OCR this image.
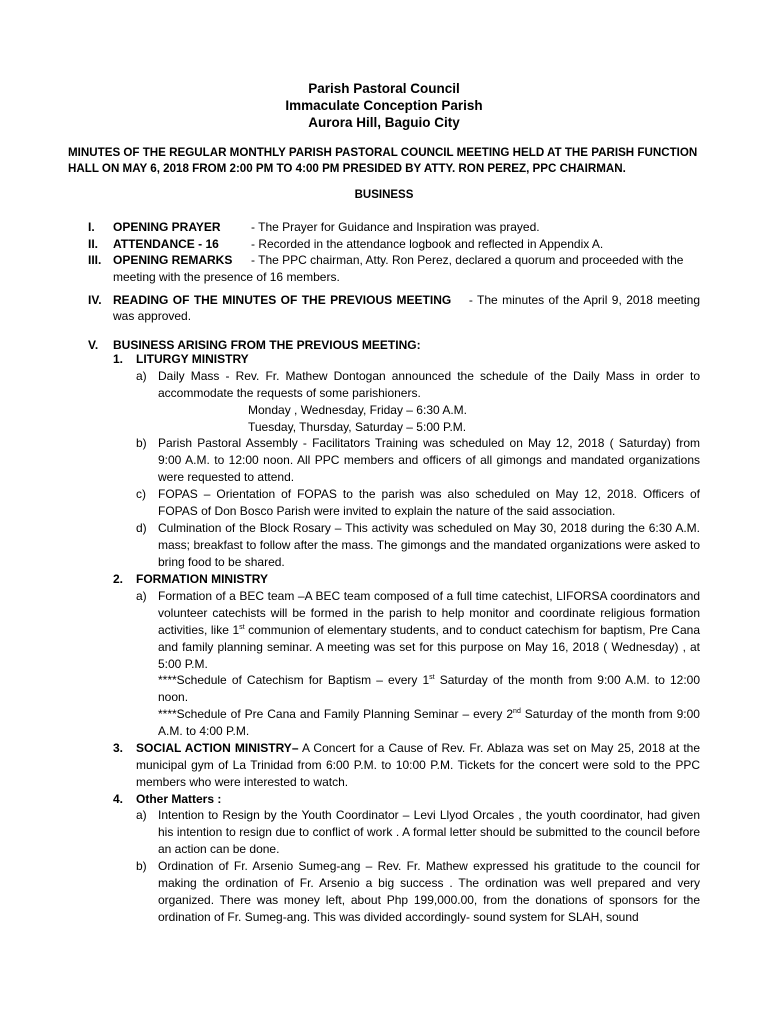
Parish Pastoral Council
Immaculate Conception Parish
Aurora Hill, Baguio City
MINUTES OF THE REGULAR MONTHLY PARISH PASTORAL COUNCIL MEETING HELD AT THE PARISH FUNCTION HALL ON MAY 6, 2018 FROM 2:00 PM TO 4:00 PM PRESIDED BY ATTY. RON PEREZ, PPC CHAIRMAN.
BUSINESS
I. OPENING PRAYER	- The Prayer for Guidance and Inspiration was prayed.
II. ATTENDANCE - 16	- Recorded in the attendance logbook and reflected in Appendix A.
III. OPENING REMARKS - The PPC chairman, Atty. Ron Perez, declared a quorum and proceeded with the
meeting with the presence of 16 members.
IV. READING OF THE MINUTES OF THE PREVIOUS MEETING - The minutes of the April 9, 2018 meeting was approved.
V. BUSINESS ARISING FROM THE PREVIOUS MEETING:
1. LITURGY MINISTRY
a) Daily Mass - Rev. Fr. Mathew Dontogan announced the schedule of the Daily Mass in order to accommodate the requests of some parishioners.
Monday , Wednesday, Friday – 6:30 A.M.
Tuesday, Thursday, Saturday – 5:00 P.M.
b) Parish Pastoral Assembly - Facilitators Training was scheduled on May 12, 2018 ( Saturday) from 9:00 A.M. to 12:00 noon. All PPC members and officers of all gimongs and mandated organizations were requested to attend.
c) FOPAS – Orientation of FOPAS to the parish was also scheduled on May 12, 2018. Officers of FOPAS of Don Bosco Parish were invited to explain the nature of the said association.
d) Culmination of the Block Rosary – This activity was scheduled on May 30, 2018 during the 6:30 A.M. mass; breakfast to follow after the mass. The gimongs and the mandated organizations were asked to bring food to be shared.
2. FORMATION MINISTRY
a) Formation of a BEC team –A BEC team composed of a full time catechist, LIFORSA coordinators and volunteer catechists will be formed in the parish to help monitor and coordinate religious formation activities, like 1st communion of elementary students, and to conduct catechism for baptism, Pre Cana and family planning seminar. A meeting was set for this purpose on May 16, 2018 ( Wednesday) , at 5:00 P.M.
****Schedule of Catechism for Baptism – every 1st Saturday of the month from 9:00 A.M. to 12:00 noon.
****Schedule of Pre Cana and Family Planning Seminar – every 2nd Saturday of the month from 9:00 A.M. to 4:00 P.M.
3. SOCIAL ACTION MINISTRY– A Concert for a Cause of Rev. Fr. Ablaza was set on May 25, 2018 at the municipal gym of La Trinidad from 6:00 P.M. to 10:00 P.M. Tickets for the concert were sold to the PPC members who were interested to watch.
4. Other Matters :
a) Intention to Resign by the Youth Coordinator – Levi Llyod Orcales , the youth coordinator, had given his intention to resign due to conflict of work . A formal letter should be submitted to the council before an action can be done.
b) Ordination of Fr. Arsenio Sumeg-ang – Rev. Fr. Mathew expressed his gratitude to the council for making the ordination of Fr. Arsenio a big success . The ordination was well prepared and very organized. There was money left, about Php 199,000.00, from the donations of sponsors for the ordination of Fr. Sumeg-ang. This was divided accordingly- sound system for SLAH, sound
